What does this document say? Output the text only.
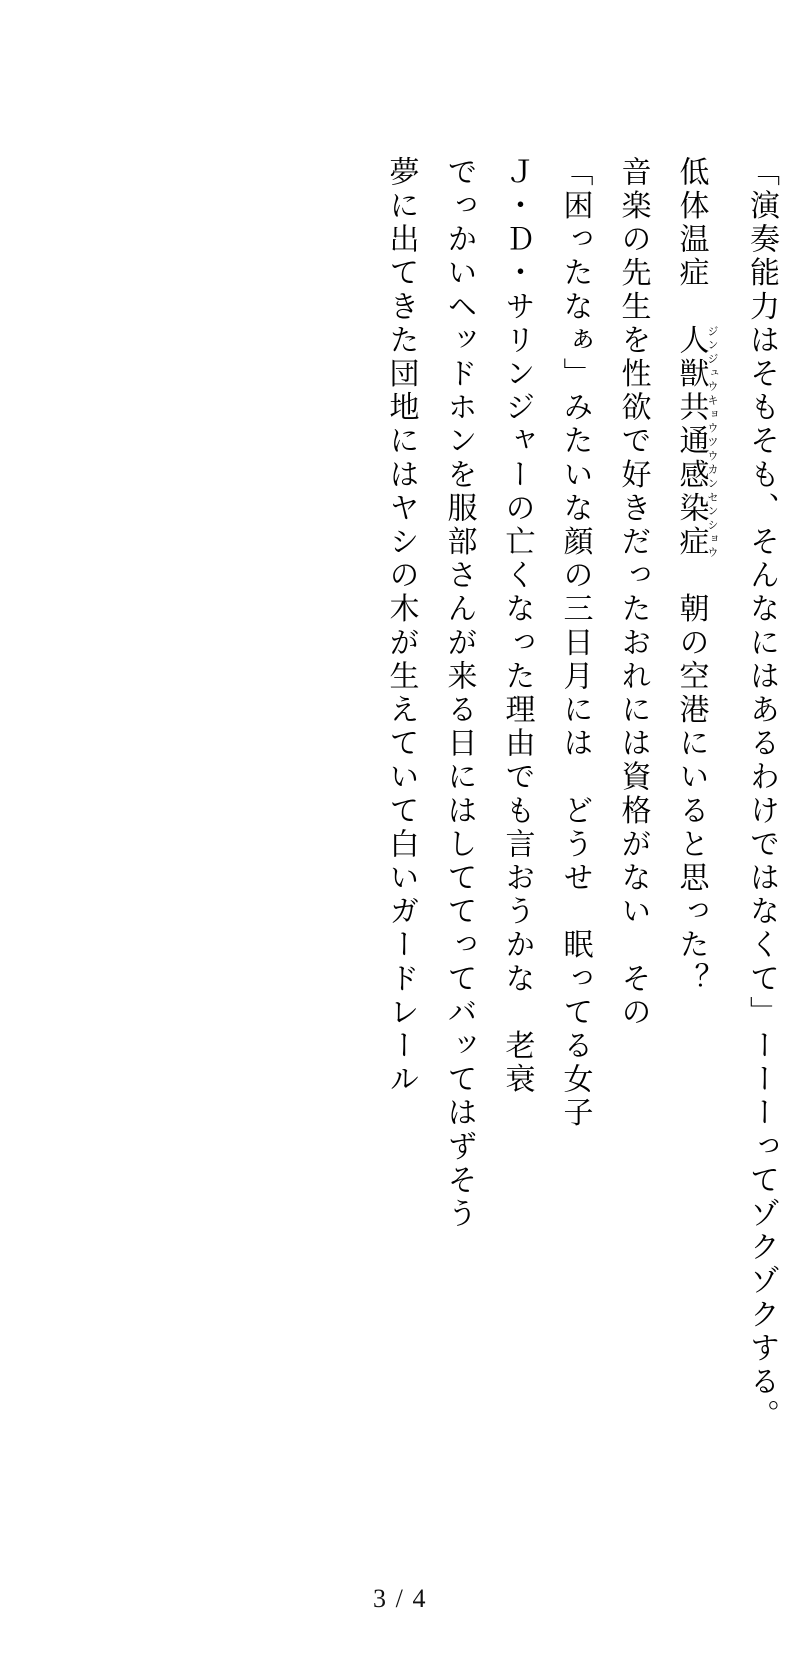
「演奏能力はそもそも、そんなにはあるわけではなくて」ーーーってゾクゾクする。
低体温症　人獣共通感染症ジンジュウキョウツウカンセンショウ　朝の空港にいると思った？
音楽の先生を性欲で好きだったおれには資格がない　その
「困ったなぁ」みたいな顔の三日月には　どうせ　眠ってる女子
Ｊ・Ｄ・サリンジャーの亡くなった理由でも言おうかな　老衰
でっかいヘッドホンを服部さんが来る日にはしててってバッてはずそう
夢に出てきた団地にはヤシの木が生えていて白いガードレール
3 / 4
